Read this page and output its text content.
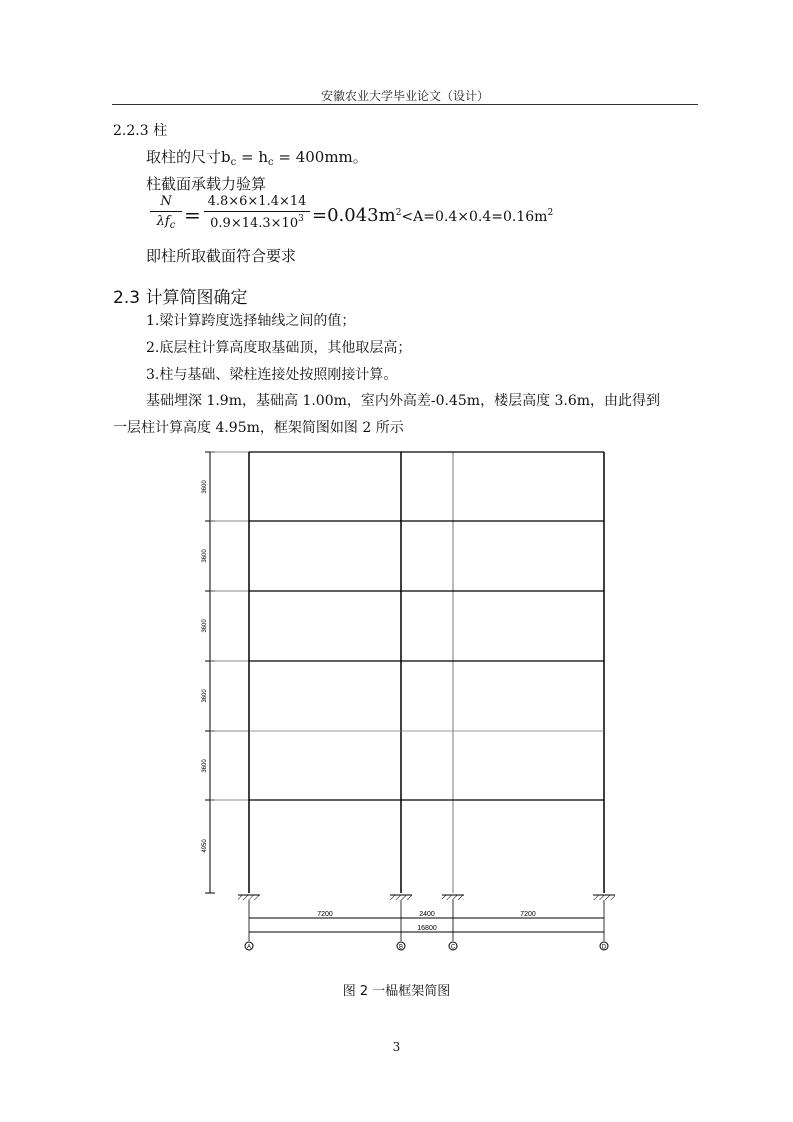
安徽农业大学毕业论文（设计）
2.2.3 柱
取柱的尺寸$b_c = h_c = 400mm$。
柱截面承载力验算
N
$\lambda f_c = \frac{4.8\times 6\times 1.4\times 14}{0.9\times 14.3\times 10^3} =0.043m^2<A=0.4\times 0.4=0.16m^2$
即柱所取截面符合要求
2.3 计算简图确定
1.梁计算跨度选择轴线之间的值；
2.底层柱计算高度取基础顶，其他取层高；
3.柱与基础、梁柱连接处按照刚接计算。
基础埋深 1.9m，基础高 1.00m，室内外高差-0.45m，楼层高度 3.6m，由此得到
一层柱计算高度 4.95m，框架简图如图 2 所示
3600
3600
3600
3600
3600
4950
7200	2400	7200
16800
A	B	C	D
图 2 一榀框架简图
3
